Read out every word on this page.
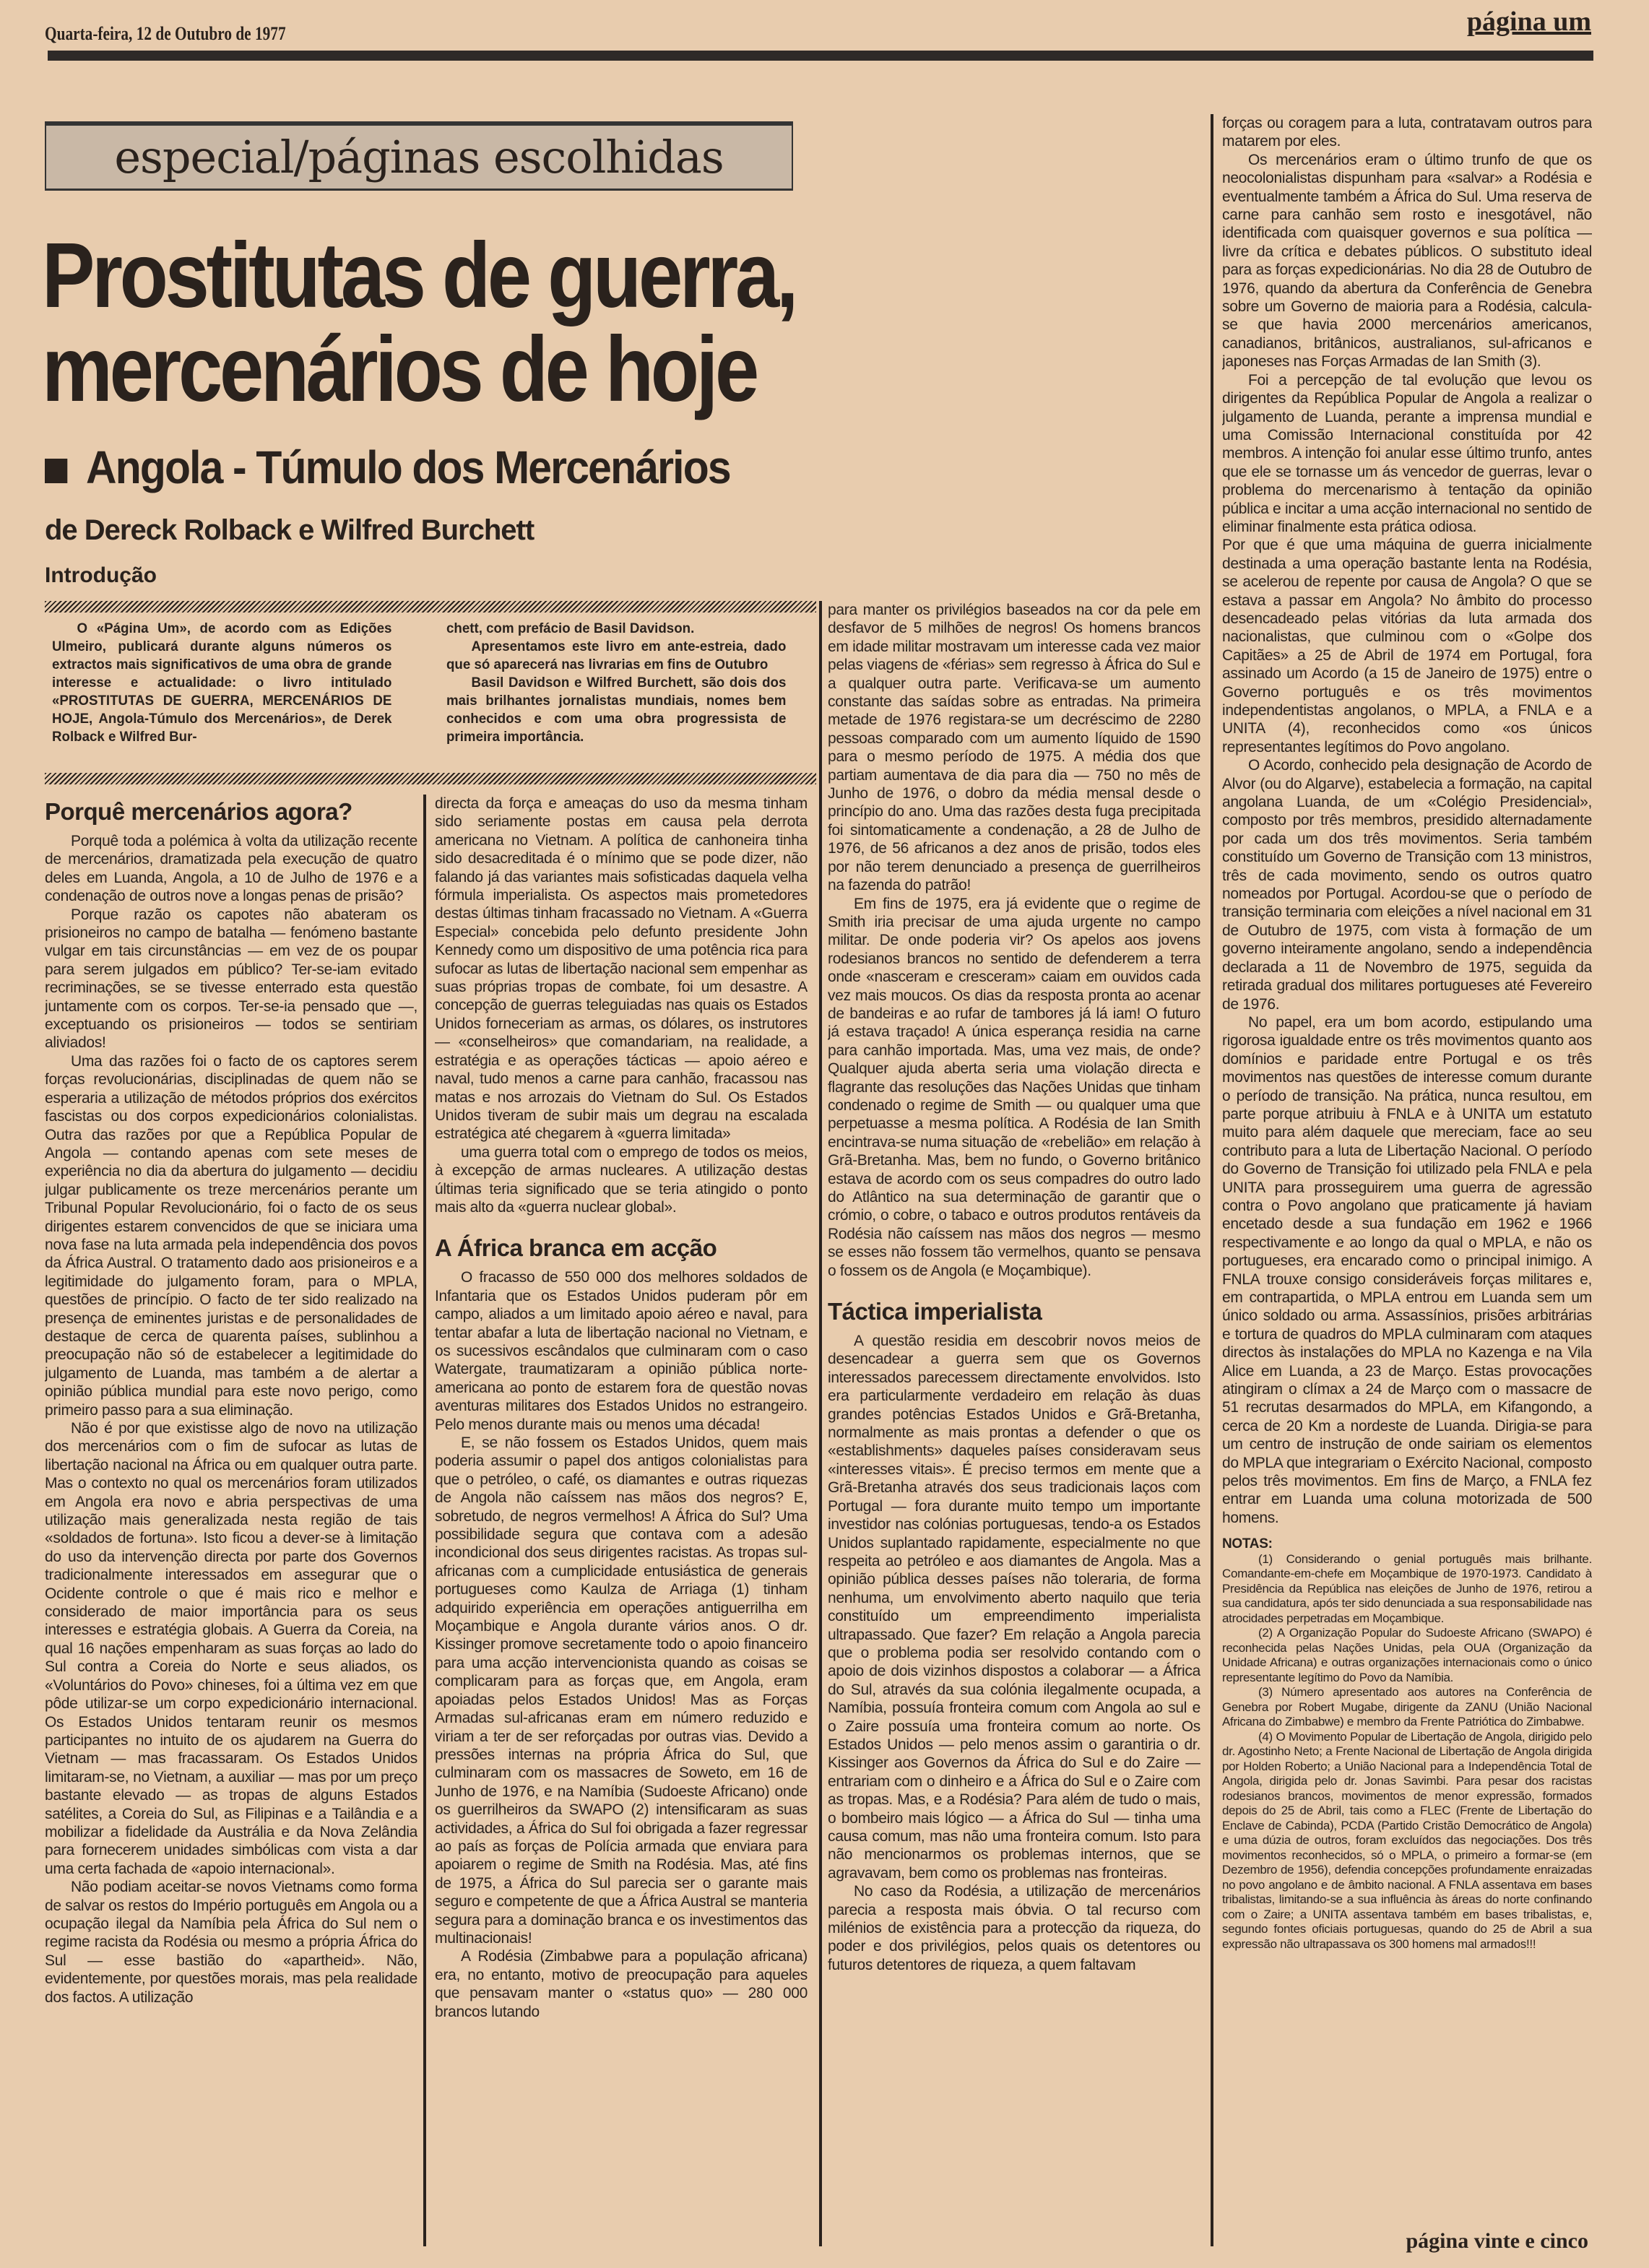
Quarta-feira, 12 de Outubro de 1977	página um
especial/páginas escolhidas
Prostitutas de guerra,
mercenários de hoje
Angola - Túmulo dos Mercenários
de Dereck Rolback e Wilfred Burchett
Introdução

O «Página Um», de acordo com as Edições Ulmeiro, publicará durante alguns números os extractos mais significativos de uma obra de grande interesse e actualidade: o livro intitulado «PROSTITUTAS DE GUERRA, MERCENÁRIOS DE HOJE, Angola-Túmulo dos Mercenários», de Derek Rolback e Wilfred Bur-

chett, com prefácio de Basil Davidson.

Apresentamos este livro em ante-estreia, dado que só aparecerá nas livrarias em fins de Outubro

Basil Davidson e Wilfred Burchett, são dois dos mais brilhantes jornalistas mundiais, nomes bem conhecidos e com uma obra progressista de primeira importância.

Porquê mercenários agora?

Porquê toda a polémica à volta da utilização recente de mercenários, dramatizada pela execução de quatro deles em Luanda, Angola, a 10 de Julho de 1976 e a condenação de outros nove a longas penas de prisão?

Porque razão os capotes não abateram os prisioneiros no campo de batalha — fenómeno bastante vulgar em tais circunstâncias — em vez de os poupar para serem julgados em público? Ter-se-iam evitado recriminações, se se tivesse enterrado esta questão juntamente com os corpos. Ter-se-ia pensado que —, exceptuando os prisioneiros — todos se sentiriam aliviados!

Uma das razões foi o facto de os captores serem forças revolucionárias, disciplinadas de quem não se esperaria a utilização de métodos próprios dos exércitos fascistas ou dos corpos expedicionários colonialistas. Outra das razões por que a República Popular de Angola — contando apenas com sete meses de experiência no dia da abertura do julgamento — decidiu julgar publicamente os treze mercenários perante um Tribunal Popular Revolucionário, foi o facto de os seus dirigentes estarem convencidos de que se iniciara uma nova fase na luta armada pela independência dos povos da África Austral. O tratamento dado aos prisioneiros e a legitimidade do julgamento foram, para o MPLA, questões de princípio. O facto de ter sido realizado na presença de eminentes juristas e de personalidades de destaque de cerca de quarenta países, sublinhou a preocupação não só de estabelecer a legitimidade do julgamento de Luanda, mas também a de alertar a opinião pública mundial para este novo perigo, como primeiro passo para a sua eliminação.

Não é por que existisse algo de novo na utilização dos mercenários com o fim de sufocar as lutas de libertação nacional na África ou em qualquer outra parte. Mas o contexto no qual os mercenários foram utilizados em Angola era novo e abria perspectivas de uma utilização mais generalizada nesta região de tais «soldados de fortuna». Isto ficou a dever-se à limitação do uso da intervenção directa por parte dos Governos tradicionalmente interessados em assegurar que o Ocidente controle o que é mais rico e melhor e considerado de maior importância para os seus interesses e estratégia globais. A Guerra da Coreia, na qual 16 nações empenharam as suas forças ao lado do Sul contra a Coreia do Norte e seus aliados, os «Voluntários do Povo» chineses, foi a última vez em que pôde utilizar-se um corpo expedicionário internacional. Os Estados Unidos tentaram reunir os mesmos participantes no intuito de os ajudarem na Guerra do Vietnam — mas fracassaram. Os Estados Unidos limitaram-se, no Vietnam, a auxiliar — mas por um preço bastante elevado — as tropas de alguns Estados satélites, a Coreia do Sul, as Filipinas e a Tailândia e a mobilizar a fidelidade da Austrália e da Nova Zelândia para fornecerem unidades simbólicas com vista a dar uma certa fachada de «apoio internacional».

Não podiam aceitar-se novos Vietnams como forma de salvar os restos do Império português em Angola ou a ocupação ilegal da Namíbia pela África do Sul nem o regime racista da Rodésia ou mesmo a própria África do Sul — esse bastião do «apartheid». Não, evidentemente, por questões morais, mas pela realidade dos factos. A utilização

directa da força e ameaças do uso da mesma tinham sido seriamente postas em causa pela derrota americana no Vietnam. A política de canhoneira tinha sido desacreditada é o mínimo que se pode dizer, não falando já das variantes mais sofisticadas daquela velha fórmula imperialista. Os aspectos mais prometedores destas últimas tinham fracassado no Vietnam. A «Guerra Especial» concebida pelo defunto presidente John Kennedy como um dispositivo de uma potência rica para sufocar as lutas de libertação nacional sem empenhar as suas próprias tropas de combate, foi um desastre. A concepção de guerras teleguiadas nas quais os Estados Unidos forneceriam as armas, os dólares, os instrutores — «conselheiros» que comandariam, na realidade, a estratégia e as operações tácticas — apoio aéreo e naval, tudo menos a carne para canhão, fracassou nas matas e nos arrozais do Vietnam do Sul. Os Estados Unidos tiveram de subir mais um degrau na escalada estratégica até chegarem à «guerra limitada»

uma guerra total com o emprego de todos os meios, à excepção de armas nucleares. A utilização destas últimas teria significado que se teria atingido o ponto mais alto da «guerra nuclear global».

A África branca em acção

O fracasso de 550 000 dos melhores soldados de Infantaria que os Estados Unidos puderam pôr em campo, aliados a um limitado apoio aéreo e naval, para tentar abafar a luta de libertação nacional no Vietnam, e os sucessivos escândalos que culminaram com o caso Watergate, traumatizaram a opinião pública norte-americana ao ponto de estarem fora de questão novas aventuras militares dos Estados Unidos no estrangeiro. Pelo menos durante mais ou menos uma década!

E, se não fossem os Estados Unidos, quem mais poderia assumir o papel dos antigos colonialistas para que o petróleo, o café, os diamantes e outras riquezas de Angola não caíssem nas mãos dos negros? E, sobretudo, de negros vermelhos! A África do Sul? Uma possibilidade segura que contava com a adesão incondicional dos seus dirigentes racistas. As tropas sul-africanas com a cumplicidade entusiástica de generais portugueses como Kaulza de Arriaga (1) tinham adquirido experiência em operações antiguerrilha em Moçambique e Angola durante vários anos. O dr. Kissinger promove secretamente todo o apoio financeiro para uma acção intervencionista quando as coisas se complicaram para as forças que, em Angola, eram apoiadas pelos Estados Unidos! Mas as Forças Armadas sul-africanas eram em número reduzido e viriam a ter de ser reforçadas por outras vias. Devido a pressões internas na própria África do Sul, que culminaram com os massacres de Soweto, em 16 de Junho de 1976, e na Namíbia (Sudoeste Africano) onde os guerrilheiros da SWAPO (2) intensificaram as suas actividades, a África do Sul foi obrigada a fazer regressar ao país as forças de Polícia armada que enviara para apoiarem o regime de Smith na Rodésia. Mas, até fins de 1975, a África do Sul parecia ser o garante mais seguro e competente de que a África Austral se manteria segura para a dominação branca e os investimentos das multinacionais!

A Rodésia (Zimbabwe para a população africana) era, no entanto, motivo de preocupação para aqueles que pensavam manter o «status quo» — 280 000 brancos lutando

para manter os privilégios baseados na cor da pele em desfavor de 5 milhões de negros! Os homens brancos em idade militar mostravam um interesse cada vez maior pelas viagens de «férias» sem regresso à África do Sul e a qualquer outra parte. Verificava-se um aumento constante das saídas sobre as entradas. Na primeira metade de 1976 registara-se um decréscimo de 2280 pessoas comparado com um aumento líquido de 1590 para o mesmo período de 1975. A média dos que partiam aumentava de dia para dia — 750 no mês de Junho de 1976, o dobro da média mensal desde o princípio do ano. Uma das razões desta fuga precipitada foi sintomaticamente a condenação, a 28 de Julho de 1976, de 56 africanos a dez anos de prisão, todos eles por não terem denunciado a presença de guerrilheiros na fazenda do patrão!

Em fins de 1975, era já evidente que o regime de Smith iria precisar de uma ajuda urgente no campo militar. De onde poderia vir? Os apelos aos jovens rodesianos brancos no sentido de defenderem a terra onde «nasceram e cresceram» caiam em ouvidos cada vez mais moucos. Os dias da resposta pronta ao acenar de bandeiras e ao rufar de tambores já lá iam! O futuro já estava traçado! A única esperança residia na carne para canhão importada. Mas, uma vez mais, de onde? Qualquer ajuda aberta seria uma violação directa e flagrante das resoluções das Nações Unidas que tinham condenado o regime de Smith — ou qualquer uma que perpetuasse a mesma política. A Rodésia de Ian Smith encintrava-se numa situação de «rebelião» em relação à Grã-Bretanha. Mas, bem no fundo, o Governo britânico estava de acordo com os seus compadres do outro lado do Atlântico na sua determinação de garantir que o crómio, o cobre, o tabaco e outros produtos rentáveis da Rodésia não caíssem nas mãos dos negros — mesmo se esses não fossem tão vermelhos, quanto se pensava o fossem os de Angola (e Moçambique).

Táctica imperialista

A questão residia em descobrir novos meios de desencadear a guerra sem que os Governos interessados parecessem directamente envolvidos. Isto era particularmente verdadeiro em relação às duas grandes potências Estados Unidos e Grã-Bretanha, normalmente as mais prontas a defender o que os «establishments» daqueles países consideravam seus «interesses vitais». É preciso termos em mente que a Grã-Bretanha através dos seus tradicionais laços com Portugal — fora durante muito tempo um importante investidor nas colónias portuguesas, tendo-a os Estados Unidos suplantado rapidamente, especialmente no que respeita ao petróleo e aos diamantes de Angola. Mas a opinião pública desses países não toleraria, de forma nenhuma, um envolvimento aberto naquilo que teria constituído um empreendimento imperialista ultrapassado. Que fazer? Em relação a Angola parecia que o problema podia ser resolvido contando com o apoio de dois vizinhos dispostos a colaborar — a África do Sul, através da sua colónia ilegalmente ocupada, a Namíbia, possuía fronteira comum com Angola ao sul e o Zaire possuía uma fronteira comum ao norte. Os Estados Unidos — pelo menos assim o garantiria o dr. Kissinger aos Governos da África do Sul e do Zaire — entrariam com o dinheiro e a África do Sul e o Zaire com as tropas. Mas, e a Rodésia? Para além de tudo o mais, o bombeiro mais lógico — a África do Sul — tinha uma causa comum, mas não uma fronteira comum. Isto para não mencionarmos os problemas internos, que se agravavam, bem como os problemas nas fronteiras.

No caso da Rodésia, a utilização de mercenários parecia a resposta mais óbvia. O tal recurso com milénios de existência para a protecção da riqueza, do poder e dos privilégios, pelos quais os detentores ou futuros detentores de riqueza, a quem faltavam

forças ou coragem para a luta, contratavam outros para matarem por eles.

Os mercenários eram o último trunfo de que os neocolonialistas dispunham para «salvar» a Rodésia e eventualmente também a África do Sul. Uma reserva de carne para canhão sem rosto e inesgotável, não identificada com quaisquer governos e sua política — livre da crítica e debates públicos. O substituto ideal para as forças expedicionárias. No dia 28 de Outubro de 1976, quando da abertura da Conferência de Genebra sobre um Governo de maioria para a Rodésia, calcula-se que havia 2000 mercenários americanos, canadianos, britânicos, australianos, sul-africanos e japoneses nas Forças Armadas de Ian Smith (3).

Foi a percepção de tal evolução que levou os dirigentes da República Popular de Angola a realizar o julgamento de Luanda, perante a imprensa mundial e uma Comissão Internacional constituída por 42 membros. A intenção foi anular esse último trunfo, antes que ele se tornasse um ás vencedor de guerras, levar o problema do mercenarismo à tentação da opinião pública e incitar a uma acção internacional no sentido de eliminar finalmente esta prática odiosa.

Por que é que uma máquina de guerra inicialmente destinada a uma operação bastante lenta na Rodésia, se acelerou de repente por causa de Angola? O que se estava a passar em Angola? No âmbito do processo desencadeado pelas vitórias da luta armada dos nacionalistas, que culminou com o «Golpe dos Capitães» a 25 de Abril de 1974 em Portugal, fora assinado um Acordo (a 15 de Janeiro de 1975) entre o Governo português e os três movimentos independentistas angolanos, o MPLA, a FNLA e a UNITA (4), reconhecidos como «os únicos representantes legítimos do Povo angolano.

O Acordo, conhecido pela designação de Acordo de Alvor (ou do Algarve), estabelecia a formação, na capital angolana Luanda, de um «Colégio Presidencial», composto por três membros, presidido alternadamente por cada um dos três movimentos. Seria também constituído um Governo de Transição com 13 ministros, três de cada movimento, sendo os outros quatro nomeados por Portugal. Acordou-se que o período de transição terminaria com eleições a nível nacional em 31 de Outubro de 1975, com vista à formação de um governo inteiramente angolano, sendo a independência declarada a 11 de Novembro de 1975, seguida da retirada gradual dos militares portugueses até Fevereiro de 1976.

No papel, era um bom acordo, estipulando uma rigorosa igualdade entre os três movimentos quanto aos domínios e paridade entre Portugal e os três movimentos nas questões de interesse comum durante o período de transição. Na prática, nunca resultou, em parte porque atribuiu à FNLA e à UNITA um estatuto muito para além daquele que mereciam, face ao seu contributo para a luta de Libertação Nacional. O período do Governo de Transição foi utilizado pela FNLA e pela UNITA para prosseguirem uma guerra de agressão contra o Povo angolano que praticamente já haviam encetado desde a sua fundação em 1962 e 1966 respectivamente e ao longo da qual o MPLA, e não os portugueses, era encarado como o principal inimigo. A FNLA trouxe consigo consideráveis forças militares e, em contrapartida, o MPLA entrou em Luanda sem um único soldado ou arma. Assassínios, prisões arbitrárias e tortura de quadros do MPLA culminaram com ataques directos às instalações do MPLA no Kazenga e na Vila Alice em Luanda, a 23 de Março. Estas provocações atingiram o clímax a 24 de Março com o massacre de 51 recrutas desarmados do MPLA, em Kifangondo, a cerca de 20 Km a nordeste de Luanda. Dirigia-se para um centro de instrução de onde sairiam os elementos do MPLA que integrariam o Exército Nacional, composto pelos três movimentos. Em fins de Março, a FNLA fez entrar em Luanda uma coluna motorizada de 500 homens.

NOTAS:

(1) Considerando o genial português mais brilhante. Comandante-em-chefe em Moçambique de 1970-1973. Candidato à Presidência da República nas eleições de Junho de 1976, retirou a sua candidatura, após ter sido denunciada a sua responsabilidade nas atrocidades perpetradas em Moçambique.

(2) A Organização Popular do Sudoeste Africano (SWAPO) é reconhecida pelas Nações Unidas, pela OUA (Organização da Unidade Africana) e outras organizações internacionais como o único representante legítimo do Povo da Namíbia.

(3) Número apresentado aos autores na Conferência de Genebra por Robert Mugabe, dirigente da ZANU (União Nacional Africana do Zimbabwe) e membro da Frente Patriótica do Zimbabwe.

(4) O Movimento Popular de Libertação de Angola, dirigido pelo dr. Agostinho Neto; a Frente Nacional de Libertação de Angola dirigida por Holden Roberto; a União Nacional para a Independência Total de Angola, dirigida pelo dr. Jonas Savimbi. Para pesar dos racistas rodesianos brancos, movimentos de menor expressão, formados depois do 25 de Abril, tais como a FLEC (Frente de Libertação do Enclave de Cabinda), PCDA (Partido Cristão Democrático de Angola) e uma dúzia de outros, foram excluídos das negociações. Dos três movimentos reconhecidos, só o MPLA, o primeiro a formar-se (em Dezembro de 1956), defendia concepções profundamente enraizadas no povo angolano e de âmbito nacional. A FNLA assentava em bases tribalistas, limitando-se a sua influência às áreas do norte confinando com o Zaire; a UNITA assentava também em bases tribalistas, e, segundo fontes oficiais portuguesas, quando do 25 de Abril a sua expressão não ultrapassava os 300 homens mal armados!!!

página vinte e cinco
